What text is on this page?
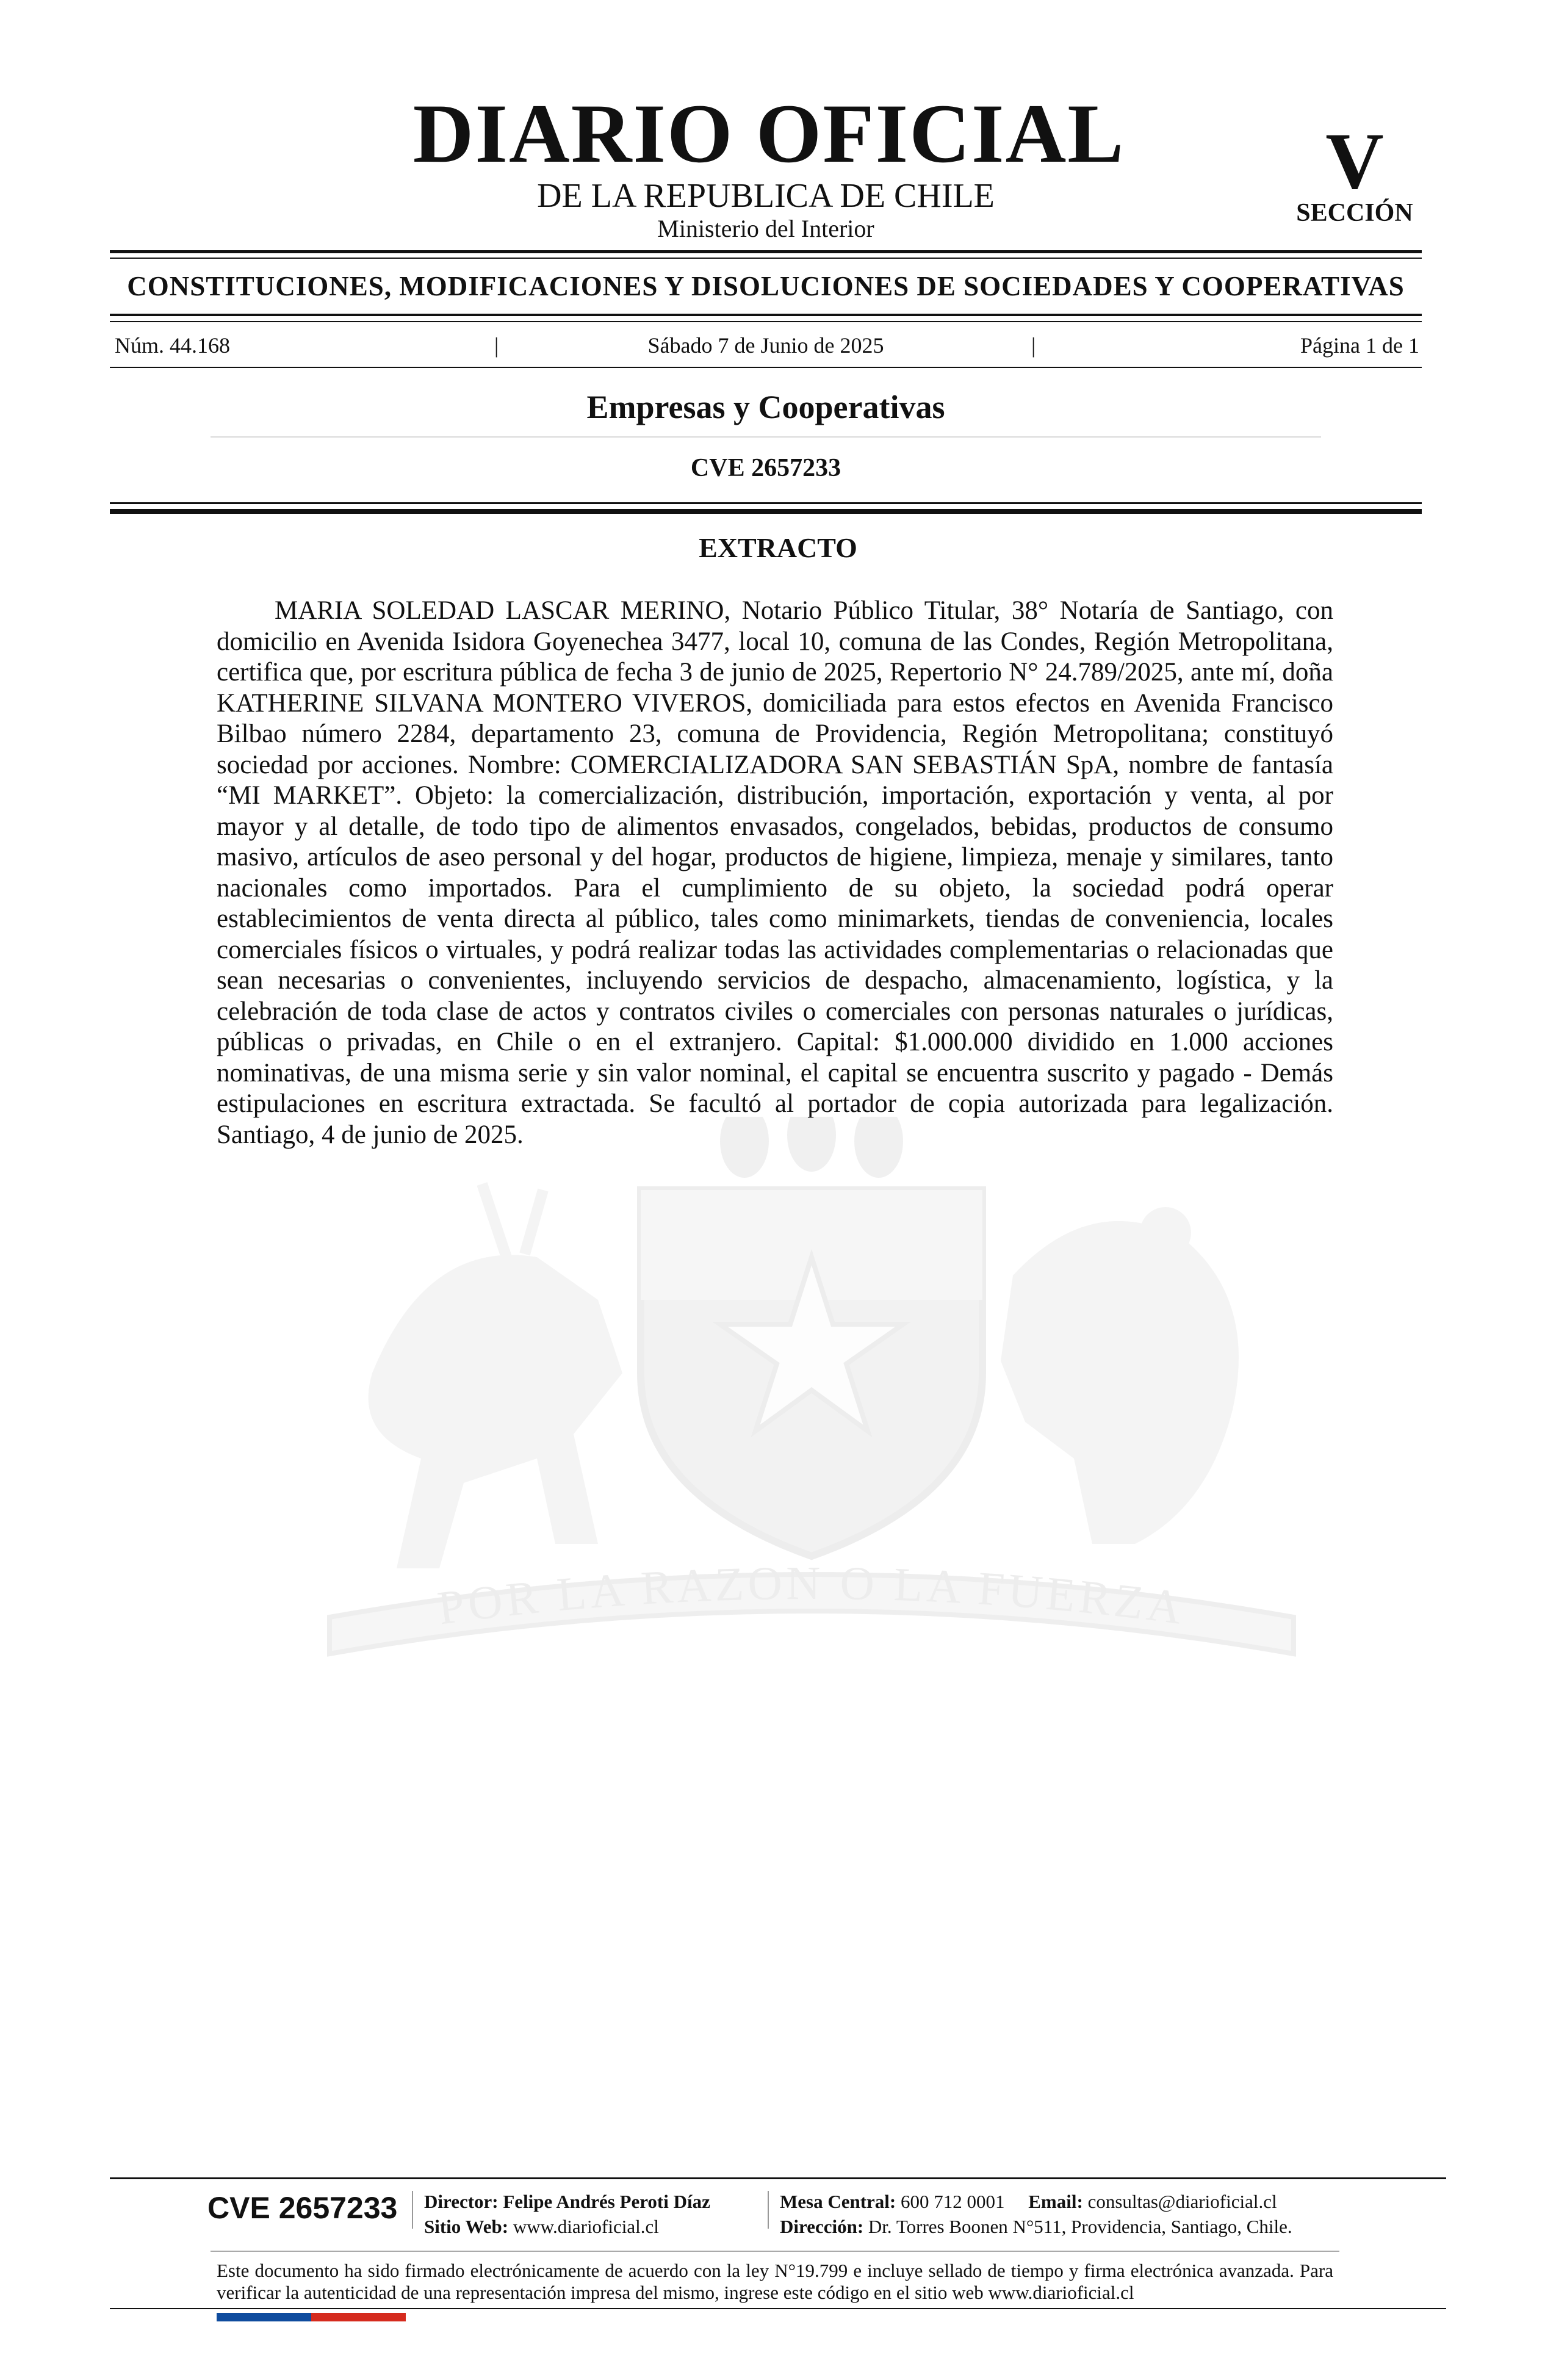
DIARIO OFICIAL
DE LA REPUBLICA DE CHILE
Ministerio del Interior
V
SECCIÓN
CONSTITUCIONES, MODIFICACIONES Y DISOLUCIONES DE SOCIEDADES Y COOPERATIVAS
Núm. 44.168	|	Sábado 7 de Junio de 2025	|	Página 1 de 1
Empresas y Cooperativas
CVE 2657233
EXTRACTO

MARIA SOLEDAD LASCAR MERINO, Notario Público Titular, 38° Notaría de Santiago, con domicilio en Avenida Isidora Goyenechea 3477, local 10, comuna de las Condes, Región Metropolitana, certifica que, por escritura pública de fecha 3 de junio de 2025, Repertorio N° 24.789/2025, ante mí, doña KATHERINE SILVANA MONTERO VIVEROS, domiciliada para estos efectos en Avenida Francisco Bilbao número 2284, departamento 23, comuna de Providencia, Región Metropolitana; constituyó sociedad por acciones. Nombre: COMERCIALIZADORA SAN SEBASTIÁN SpA, nombre de fantasía “MI MARKET”. Objeto: la comercialización, distribución, importación, exportación y venta, al por mayor y al detalle, de todo tipo de alimentos envasados, congelados, bebidas, productos de consumo masivo, artículos de aseo personal y del hogar, productos de higiene, limpieza, menaje y similares, tanto nacionales como importados. Para el cumplimiento de su objeto, la sociedad podrá operar establecimientos de venta directa al público, tales como minimarkets, tiendas de conveniencia, locales comerciales físicos o virtuales, y podrá realizar todas las actividades complementarias o relacionadas que sean necesarias o convenientes, incluyendo servicios de despacho, almacenamiento, logística, y la celebración de toda clase de actos y contratos civiles o comerciales con personas naturales o jurídicas, públicas o privadas, en Chile o en el extranjero. Capital: $1.000.000 dividido en 1.000 acciones nominativas, de una misma serie y sin valor nominal, el capital se encuentra suscrito y pagado - Demás estipulaciones en escritura extractada. Se facultó al portador de copia autorizada para legalización. Santiago, 4 de junio de 2025.

POR LA RAZON O LA FUERZA
CVE 2657233 Director: Felipe Andrés Peroti Díaz
Sitio Web: www.diarioficial.cl
Mesa Central: 600 712 0001 Email: consultas@diarioficial.cl
Dirección: Dr. Torres Boonen N°511, Providencia, Santiago, Chile.

Este documento ha sido firmado electrónicamente de acuerdo con la ley N°19.799 e incluye sellado de tiempo y firma electrónica avanzada. Para verificar la autenticidad de una representación impresa del mismo, ingrese este código en el sitio web www.diarioficial.cl
